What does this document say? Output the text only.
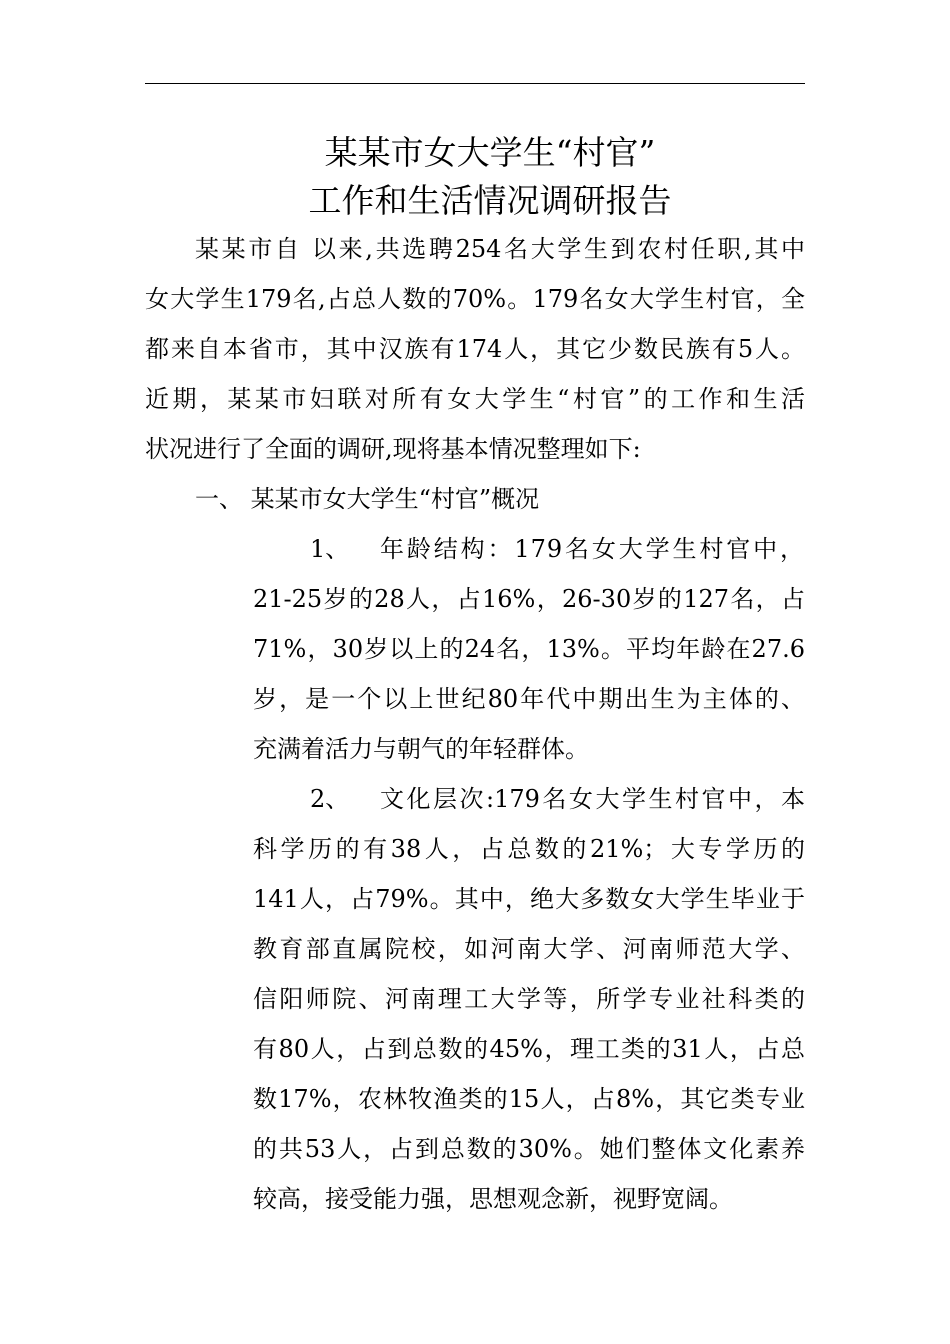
某某市女大学生“村官”
工作和生活情况调研报告

某某市自 以来,共选聘254名大学生到农村任职,其中

女大学生179名,占总人数的70%。179名女大学生村官，全

都来自本省市，其中汉族有174人，其它少数民族有5人。

近期，某某市妇联对所有女大学生“村官”的工作和生活

状况进行了全面的调研,现将基本情况整理如下:

一、 某某市女大学生“村官”概况

1、 年龄结构：179名女大学生村官中，

21-25岁的28人，占16%，26-30岁的127名，占

71%，30岁以上的24名，13%。平均年龄在27.6

岁，是一个以上世纪80年代中期出生为主体的、

充满着活力与朝气的年轻群体。

2、 文化层次:179名女大学生村官中，本

科学历的有38人，占总数的21%；大专学历的

141人，占79%。其中，绝大多数女大学生毕业于

教育部直属院校，如河南大学、河南师范大学、

信阳师院、河南理工大学等，所学专业社科类的

有80人，占到总数的45%，理工类的31人，占总

数17%，农林牧渔类的15人，占8%，其它类专业

的共53人，占到总数的30%。她们整体文化素养

较高，接受能力强，思想观念新，视野宽阔。
